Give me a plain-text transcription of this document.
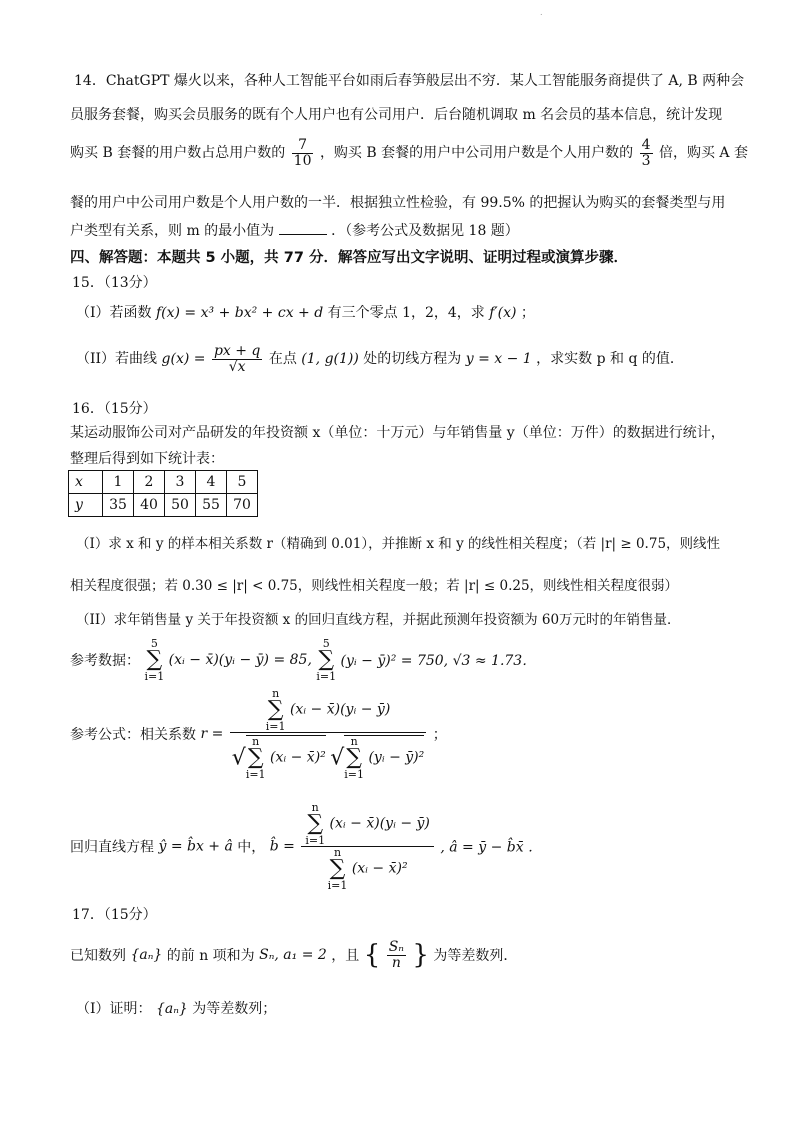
.
14．ChatGPT 爆火以来，各种人工智能平台如雨后春笋般层出不穷．某人工智能服务商提供了 A, B 两种会
员服务套餐，购买会员服务的既有个人用户也有公司用户．后台随机调取 m 名会员的基本信息，统计发现
购买 B 套餐的用户数占总用户数的 $\frac{7}{10}$ ，购买 B 套餐的用户中公司用户数是个人用户数的 $\frac{4}{3}$ 倍，购买 A 套
餐的用户中公司用户数是个人用户数的一半．根据独立性检验，有 99.5% 的把握认为购买的套餐类型与用
户类型有关系，则 m 的最小值为	．（参考公式及数据见 18 题）
四、解答题：本题共 5 小题，共 77 分．解答应写出文字说明、证明过程或演算步骤．
15．（13分）
（I）若函数 f(x) = x³ + bx² + cx + d 有三个零点 1，2，4，求 f′(x) ；
（II）若曲线 $g(x) = \frac{px + q}{√x}$ 在点 (1, g(1)) 处的切线方程为 y = x − 1 ，求实数 p 和 q 的值．
16．（15分）
某运动服饰公司对产品研发的年投资额 x（单位：十万元）与年销售量 y（单位：万件）的数据进行统计，
整理后得到如下统计表：
x	1	2	3	4	5
y	35	40	50	55	70
（I）求 x 和 y 的样本相关系数 r（精确到 0.01），并推断 x 和 y 的线性相关程度；（若 |r| ≥ 0.75，则线性
相关程度很强；若 0.30 ≤ |r| < 0.75，则线性相关程度一般；若 |r| ≤ 0.25，则线性相关程度很弱）
（II）求年销售量 y 关于年投资额 x 的回归直线方程，并据此预测年投资额为 60万元时的年销售量．
参考数据： 5
∑
i=1 (xᵢ − x̄)(yᵢ − ȳ) = 85, 5
∑
i=1 (yᵢ − ȳ)² = 750, √3 ≈ 1.73．
参考公式：相关系数 r =
n
∑
i=1 (xᵢ − x̄)(yᵢ − ȳ)
√n
∑
i=1 (xᵢ − x̄)² √n
∑
i=1 (yᵢ − ȳ)²
；
回归直线方程 ŷ = b̂x + â 中， b̂ = n
∑
i=1 (xᵢ − x̄)(yᵢ − ȳ)
n
∑
i=1 (xᵢ − x̄)² , â = ȳ − b̂x̄ ．
17．（15分）
已知数列 {aₙ} 的前 n 项和为 Sₙ, a₁ = 2 ，且 { $\frac{\text{Sₙ}}{n}$ } 为等差数列．
（I）证明： {aₙ} 为等差数列；
